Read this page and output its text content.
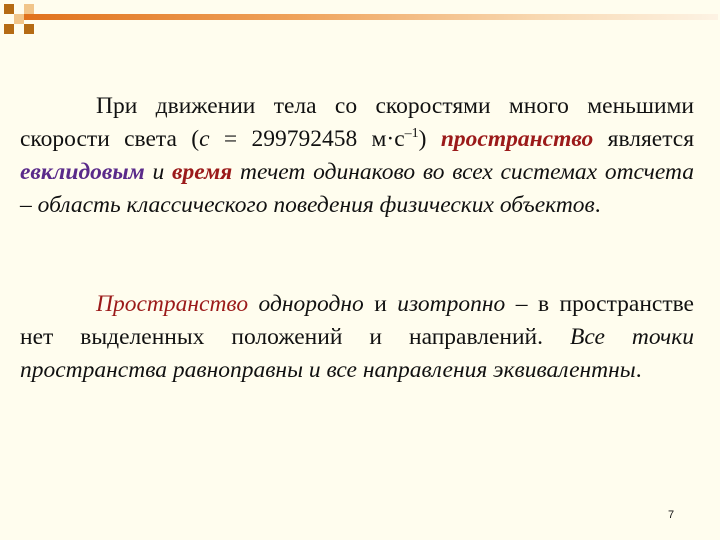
При движении тела со скоростями много меньшими скорости света (c = 299792458 $м\cdot с^{-1}$) пространство является евклидовым и время течет одинаково во всех системах отсчета – область классического поведения физических объектов.
Пространство однородно и изотропно – в пространстве нет выделенных положений и направлений. Все точки пространства равноправны и все направления эквивалентны.
7
